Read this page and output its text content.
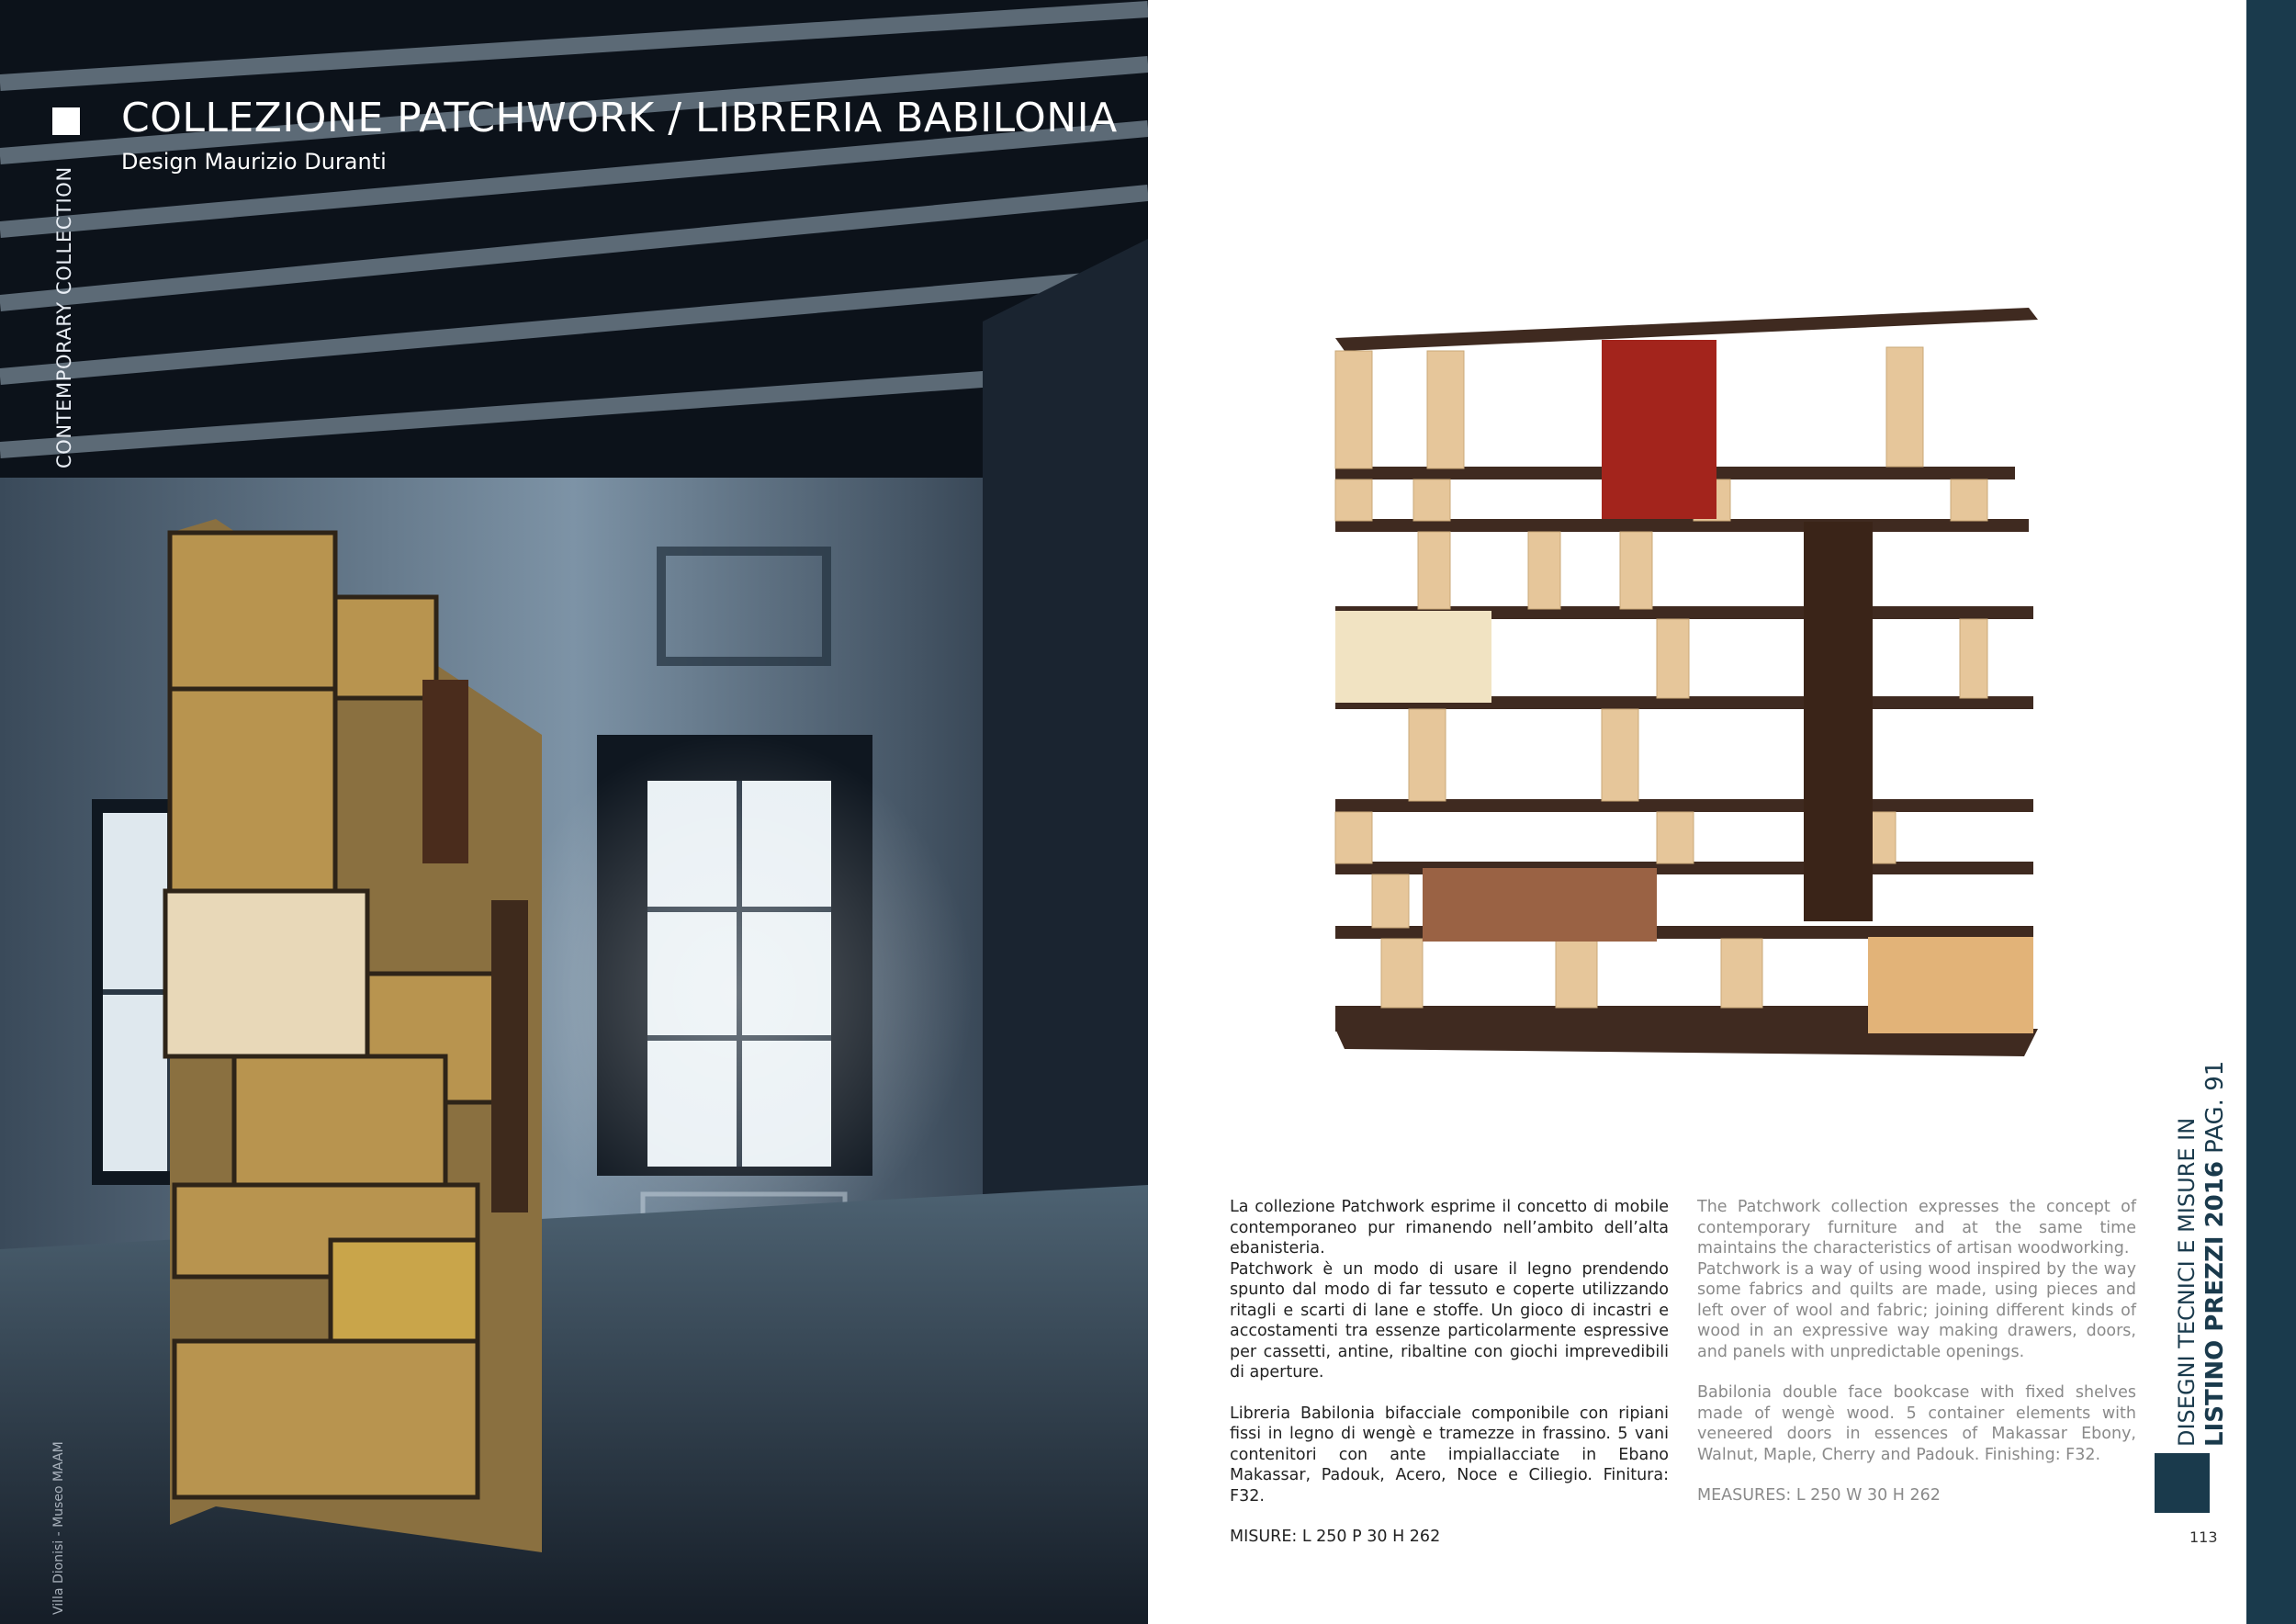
COLLEZIONE PATCHWORK / LIBRERIA BABILONIA
Design Maurizio Duranti
CONTEMPORARY COLLECTION
Villa Dionisi - Museo MAAM

La collezione Patchwork esprime il concetto di mobile contemporaneo pur rimanendo nell’ambito dell’alta ebanisteria.

Patchwork è un modo di usare il legno prendendo spunto dal modo di far tessuto e coperte utilizzando ritagli e scarti di lane e stoffe. Un gioco di incastri e accostamenti tra essenze particolarmente espressive per cassetti, antine, ribaltine con giochi imprevedibili di aperture.

Libreria Babilonia bifacciale componibile con ripiani fissi in legno di wengè e tramezze in frassino. 5 vani contenitori con ante impiallacciate in Ebano Makassar, Padouk, Acero, Noce e Ciliegio. Finitura: F32.

MISURE: L 250 P 30 H 262

The Patchwork collection expresses the concept of contemporary furniture and at the same time maintains the characteristics of artisan woodworking.

Patchwork is a way of using wood inspired by the way some fabrics and quilts are made, using pieces and left over of wool and fabric; joining different kinds of wood in an expressive way making drawers, doors, and panels with unpredictable openings.

Babilonia double face bookcase with fixed shelves made of wengè wood. 5 container elements with veneered doors in essences of Makassar Ebony, Walnut, Maple, Cherry and Padouk. Finishing: F32.

MEASURES: L 250 W 30 H 262

DISEGNI TECNICI E MISURE IN LISTINO PREZZI 2016 PAG. 91
113
